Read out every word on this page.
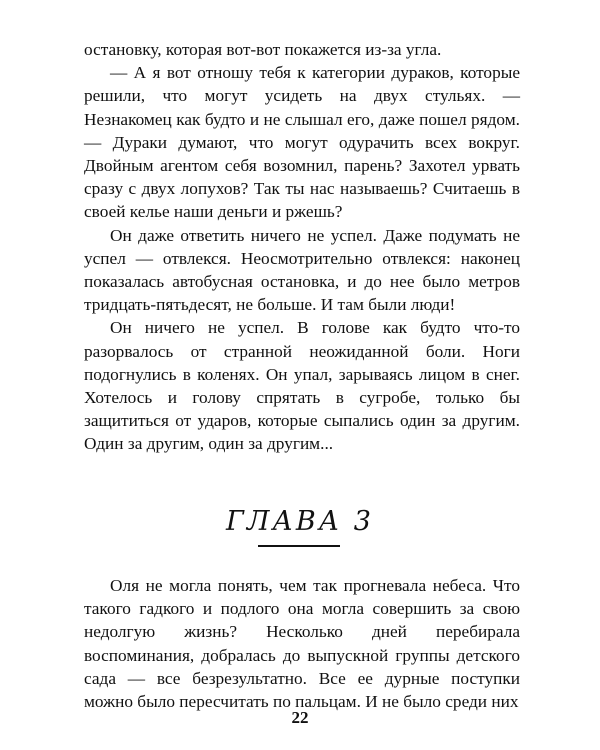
остановку, которая вот-вот покажется из-за угла.

— А я вот отношу тебя к категории дураков, которые решили, что могут усидеть на двух стульях. — Незнакомец как будто и не слышал его, даже пошел рядом. — Дураки думают, что могут одурачить всех вокруг. Двойным агентом себя возомнил, парень? Захотел урвать сразу с двух лопухов? Так ты нас называешь? Считаешь в своей келье наши деньги и ржешь?

Он даже ответить ничего не успел. Даже подумать не успел — отвлекся. Неосмотрительно отвлекся: наконец показалась автобусная остановка, и до нее было метров тридцать-пятьдесят, не больше. И там были люди!

Он ничего не успел. В голове как будто что-то разорвалось от странной неожиданной боли. Ноги подогнулись в коленях. Он упал, зарываясь лицом в снег. Хотелось и голову спрятать в сугробе, только бы защититься от ударов, которые сыпались один за другим. Один за другим, один за другим...

ГЛАВА 3

Оля не могла понять, чем так прогневала небеса. Что такого гадкого и подлого она могла совершить за свою недолгую жизнь? Несколько дней перебирала воспоминания, добралась до выпускной группы детского сада — все безрезультатно. Все ее дурные поступки можно было пересчитать по пальцам. И не было среди них

22
